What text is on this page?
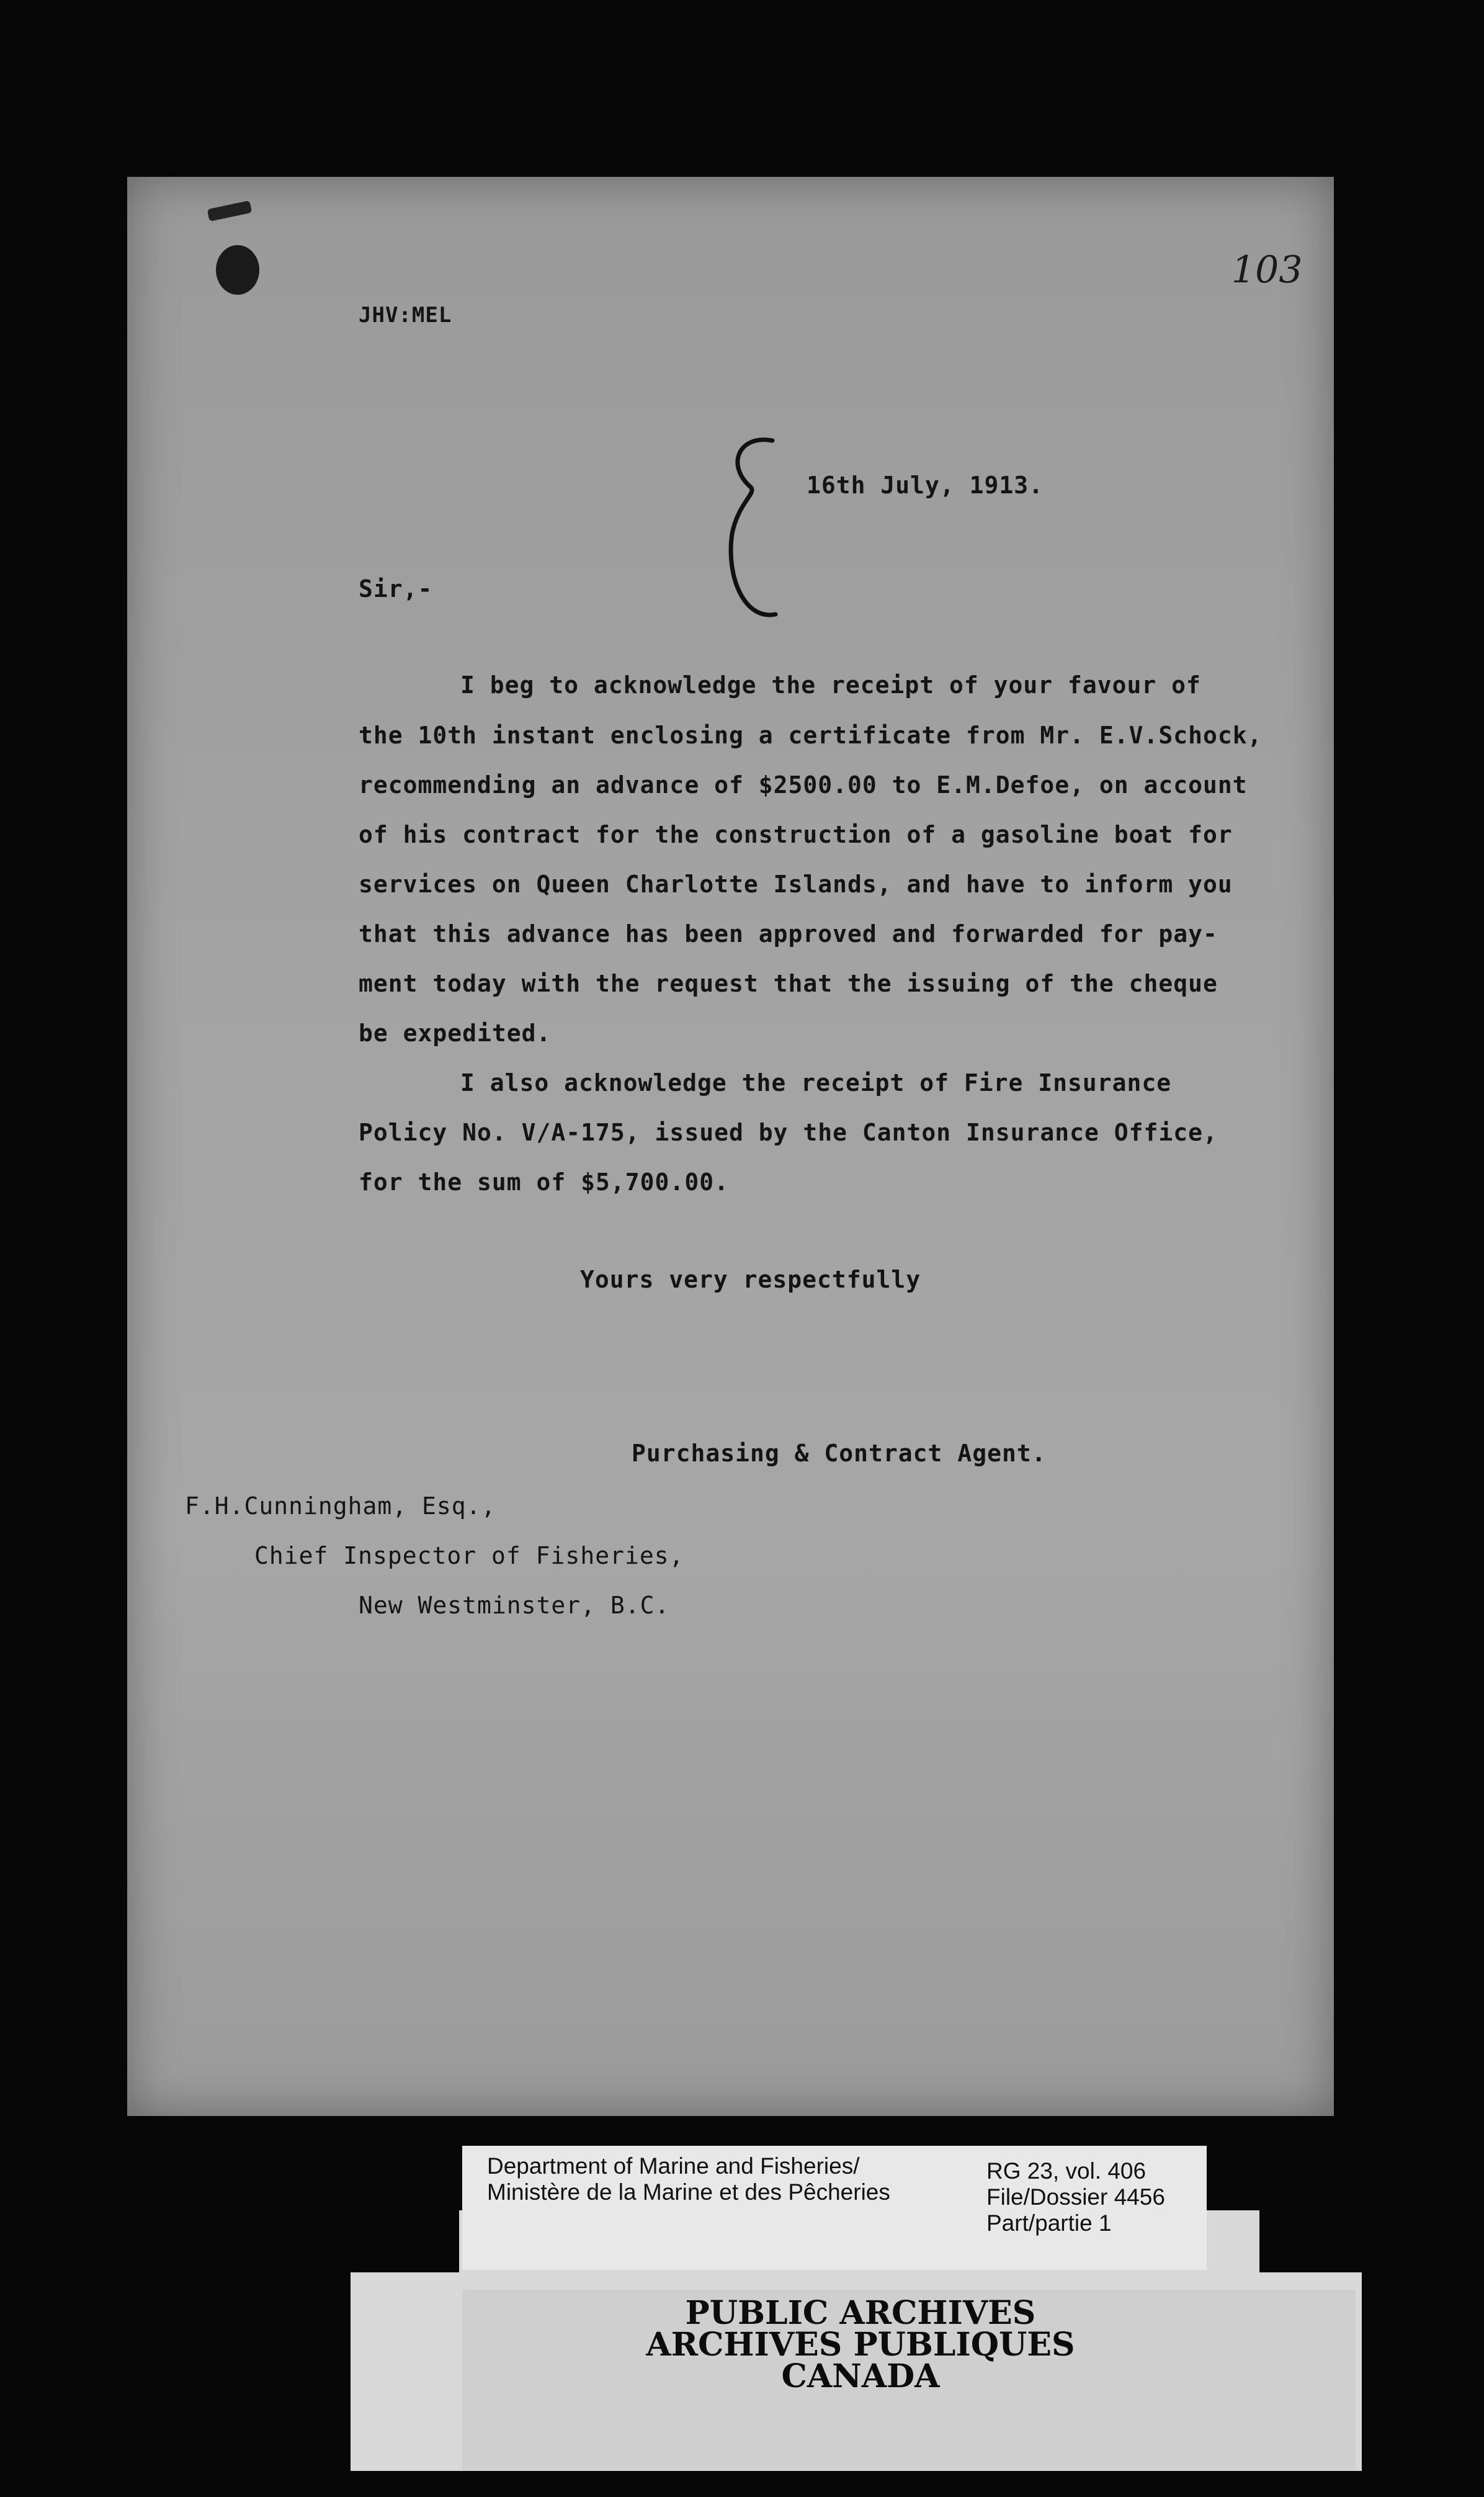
103
JHV:MEL
16th July, 1913.
Sir,-
I beg to acknowledge the receipt of your favour of
the 10th instant enclosing a certificate from Mr. E.V.Schock,
recommending an advance of $2500.00 to E.M.Defoe, on account
of his contract for the construction of a gasoline boat for
services on Queen Charlotte Islands, and have to inform you
that this advance has been approved and forwarded for pay-
ment today with the request that the issuing of the cheque
be expedited.
I also acknowledge the receipt of Fire Insurance
Policy No. V/A-175, issued by the Canton Insurance Office,
for the sum of $5,700.00.
Yours very respectfully
Purchasing & Contract Agent.
F.H.Cunningham, Esq.,
Chief Inspector of Fisheries,
New Westminster, B.C.
Department of Marine and Fisheries/
Ministère de la Marine et des Pêcheries
RG 23, vol. 406
File/Dossier 4456
Part/partie 1
PUBLIC ARCHIVES
ARCHIVES PUBLIQUES
CANADA
